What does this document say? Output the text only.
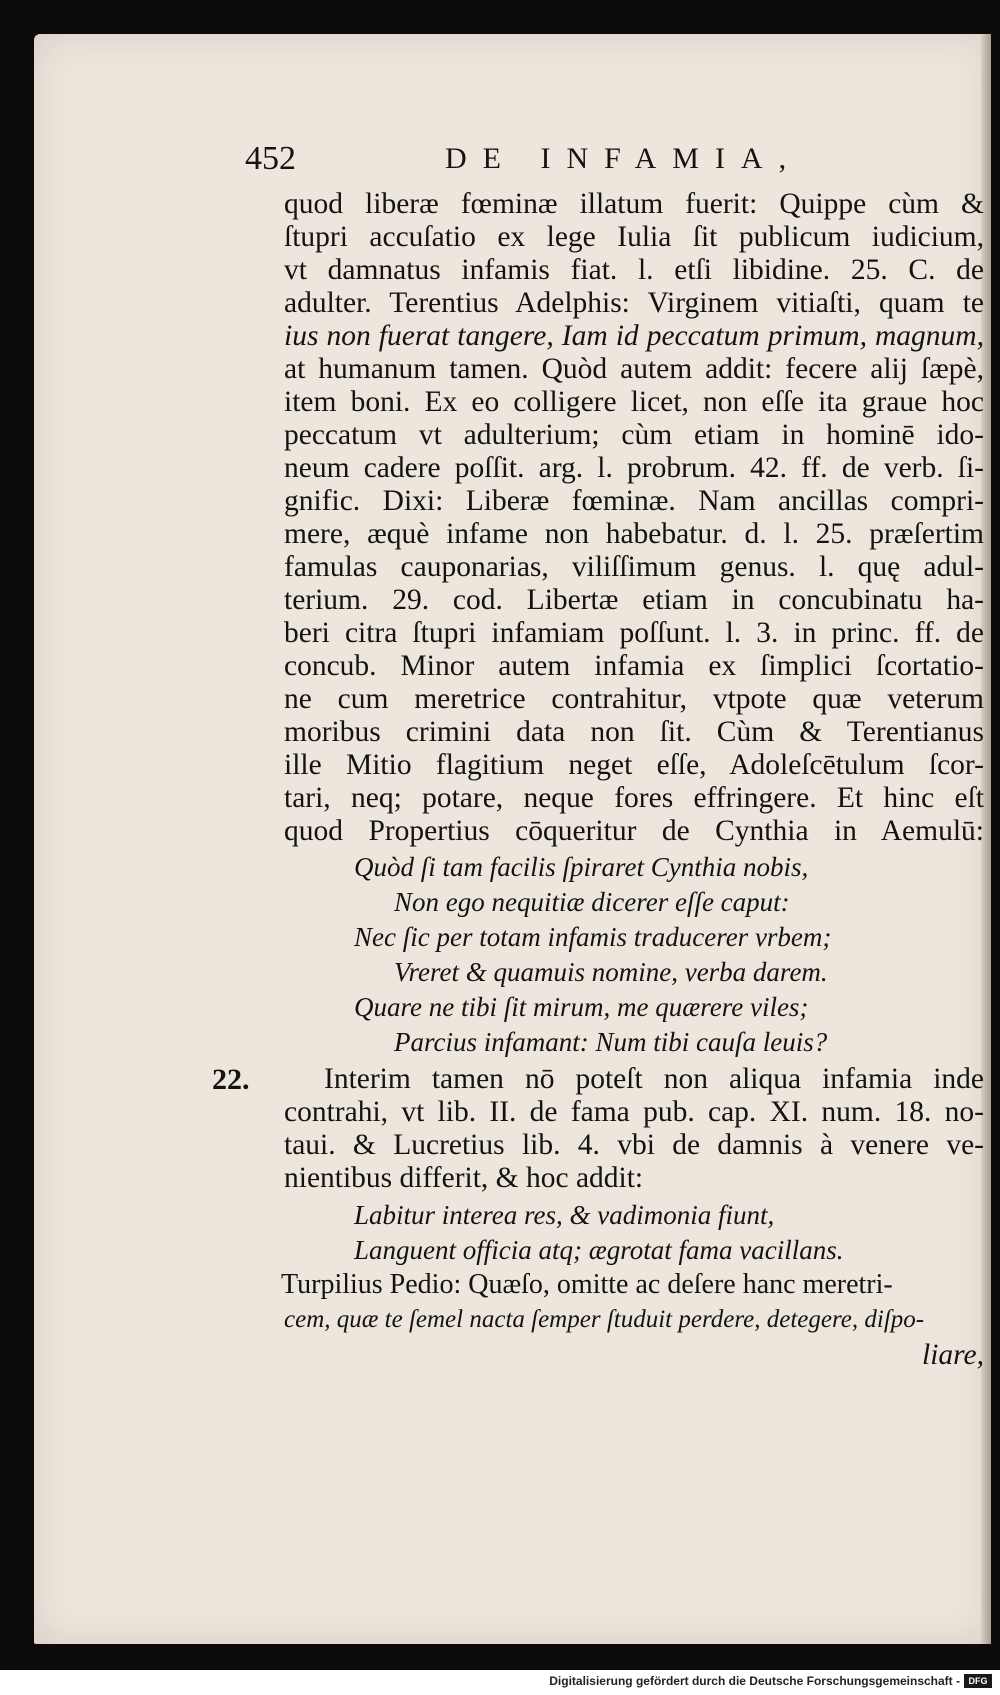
452	DE INFAMIA,
22.
quod liberæ fœminæ illatum fuerit: Quippe cùm &
ſtupri accuſatio ex lege Iulia ſit publicum iudicium,
vt damnatus infamis fiat. l. etſi libidine. 25. C. de
adulter. Terentius Adelphis: Virginem vitiaſti, quam te
ius non fuerat tangere, Iam id peccatum primum, magnum,
at humanum tamen. Quòd autem addit: fecere alij ſæpè,
item boni. Ex eo colligere licet, non eſſe ita graue hoc
peccatum vt adulterium; cùm etiam in hominē ido-
neum cadere poſſit. arg. l. probrum. 42. ff. de verb. ſi-
gnific. Dixi: Liberæ fœminæ. Nam ancillas compri-
mere, æquè infame non habebatur. d. l. 25. præſertim
famulas cauponarias, viliſſimum genus. l. quę adul-
terium. 29. cod. Libertæ etiam in concubinatu ha-
beri citra ſtupri infamiam poſſunt. l. 3. in princ. ff. de
concub. Minor autem infamia ex ſimplici ſcortatio-
ne cum meretrice contrahitur, vtpote quæ veterum
moribus crimini data non ſit. Cùm & Terentianus
ille Mitio flagitium neget eſſe, Adoleſcētulum ſcor-
tari, neq; potare, neque fores effringere. Et hinc eſt
quod Propertius cōqueritur de Cynthia in Aemulū:
Quòd ſi tam facilis ſpiraret Cynthia nobis,
Non ego nequitiæ dicerer eſſe caput:
Nec ſic per totam infamis traducerer vrbem;
Vreret & quamuis nomine, verba darem.
Quare ne tibi ſit mirum, me quærere viles;
Parcius infamant: Num tibi cauſa leuis?
Interim tamen nō poteſt non aliqua infamia inde
contrahi, vt lib. II. de fama pub. cap. XI. num. 18. no-
taui. & Lucretius lib. 4. vbi de damnis à venere ve-
nientibus differit, & hoc addit:
Labitur interea res, & vadimonia fiunt,
Languent officia atq; ægrotat fama vacillans.
Turpilius Pedio: Quæſo, omitte ac deſere hanc meretri-
cem, quæ te ſemel nacta ſemper ſtuduit perdere, detegere, diſpo-
liare,
Digitalisierung gefördert durch die Deutsche Forschungsgemeinschaft - DFG
